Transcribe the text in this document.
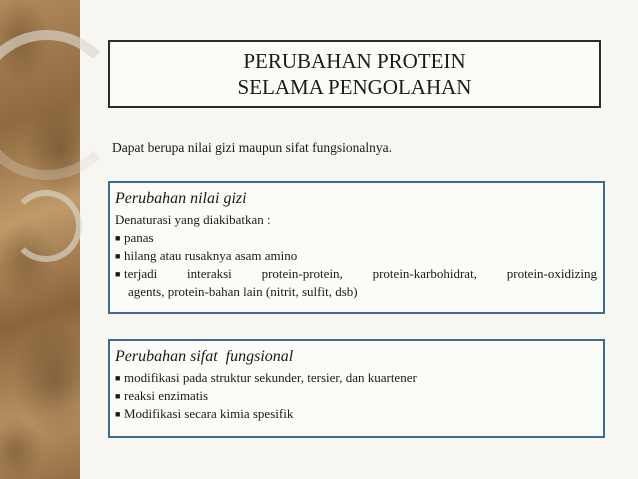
PERUBAHAN PROTEIN
SELAMA PENGOLAHAN
Dapat berupa nilai gizi maupun sifat fungsionalnya.
Perubahan nilai gizi
Denaturasi yang diakibatkan :
■ panas
■ hilang atau rusaknya asam amino
■ terjadi interaksi protein-protein, protein-karbohidrat, protein-oxidizing
agents, protein-bahan lain (nitrit, sulfit, dsb)
Perubahan sifat  fungsional
■ modifikasi pada struktur sekunder, tersier, dan kuartener
■ reaksi enzimatis
■ Modifikasi secara kimia spesifik
